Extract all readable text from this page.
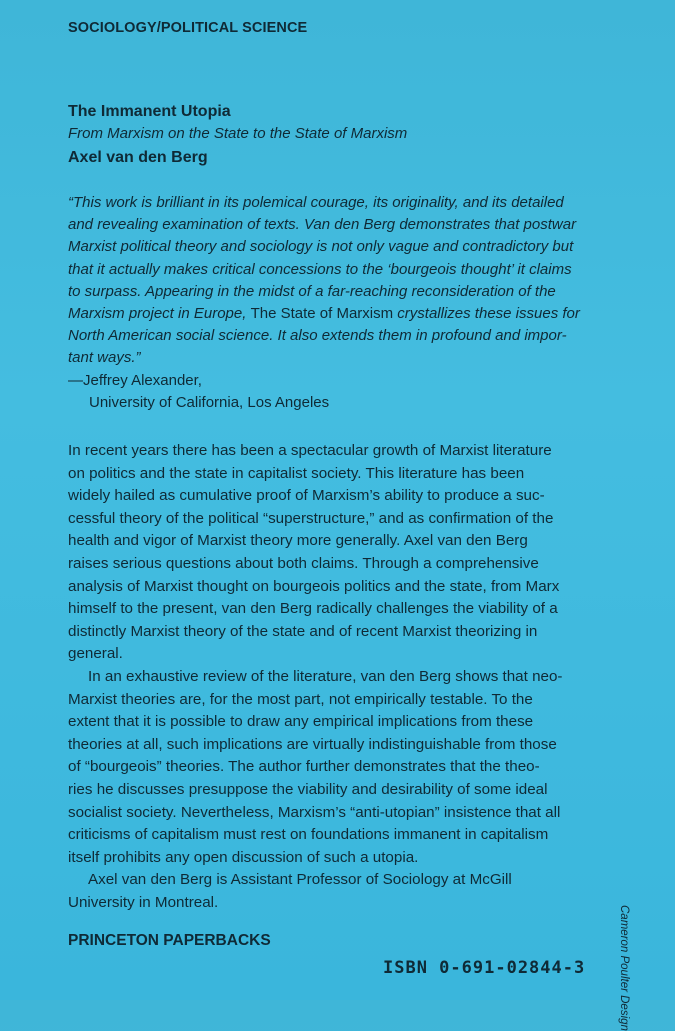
SOCIOLOGY/POLITICAL SCIENCE
The Immanent Utopia
From Marxism on the State to the State of Marxism
Axel van den Berg
“This work is brilliant in its polemical courage, its originality, and its detailed
and revealing examination of texts. Van den Berg demonstrates that postwar
Marxist political theory and sociology is not only vague and contradictory but
that it actually makes critical concessions to the ‘bourgeois thought’ it claims
to surpass. Appearing in the midst of a far-reaching reconsideration of the
Marxism project in Europe, The State of Marxism crystallizes these issues for
North American social science. It also extends them in profound and impor-
tant ways.”
—Jeffrey Alexander,
University of California, Los Angeles
In recent years there has been a spectacular growth of Marxist literature
on politics and the state in capitalist society. This literature has been
widely hailed as cumulative proof of Marxism’s ability to produce a suc-
cessful theory of the political “superstructure,” and as confirmation of the
health and vigor of Marxist theory more generally. Axel van den Berg
raises serious questions about both claims. Through a comprehensive
analysis of Marxist thought on bourgeois politics and the state, from Marx
himself to the present, van den Berg radically challenges the viability of a
distinctly Marxist theory of the state and of recent Marxist theorizing in
general.
In an exhaustive review of the literature, van den Berg shows that neo-
Marxist theories are, for the most part, not empirically testable. To the
extent that it is possible to draw any empirical implications from these
theories at all, such implications are virtually indistinguishable from those
of “bourgeois” theories. The author further demonstrates that the theo-
ries he discusses presuppose the viability and desirability of some ideal
socialist society. Nevertheless, Marxism’s “anti-utopian” insistence that all
criticisms of capitalism must rest on foundations immanent in capitalism
itself prohibits any open discussion of such a utopia.
Axel van den Berg is Assistant Professor of Sociology at McGill
University in Montreal.
PRINCETON PAPERBACKS
ISBN 0-691-02844-3	Cameron Poulter Design
